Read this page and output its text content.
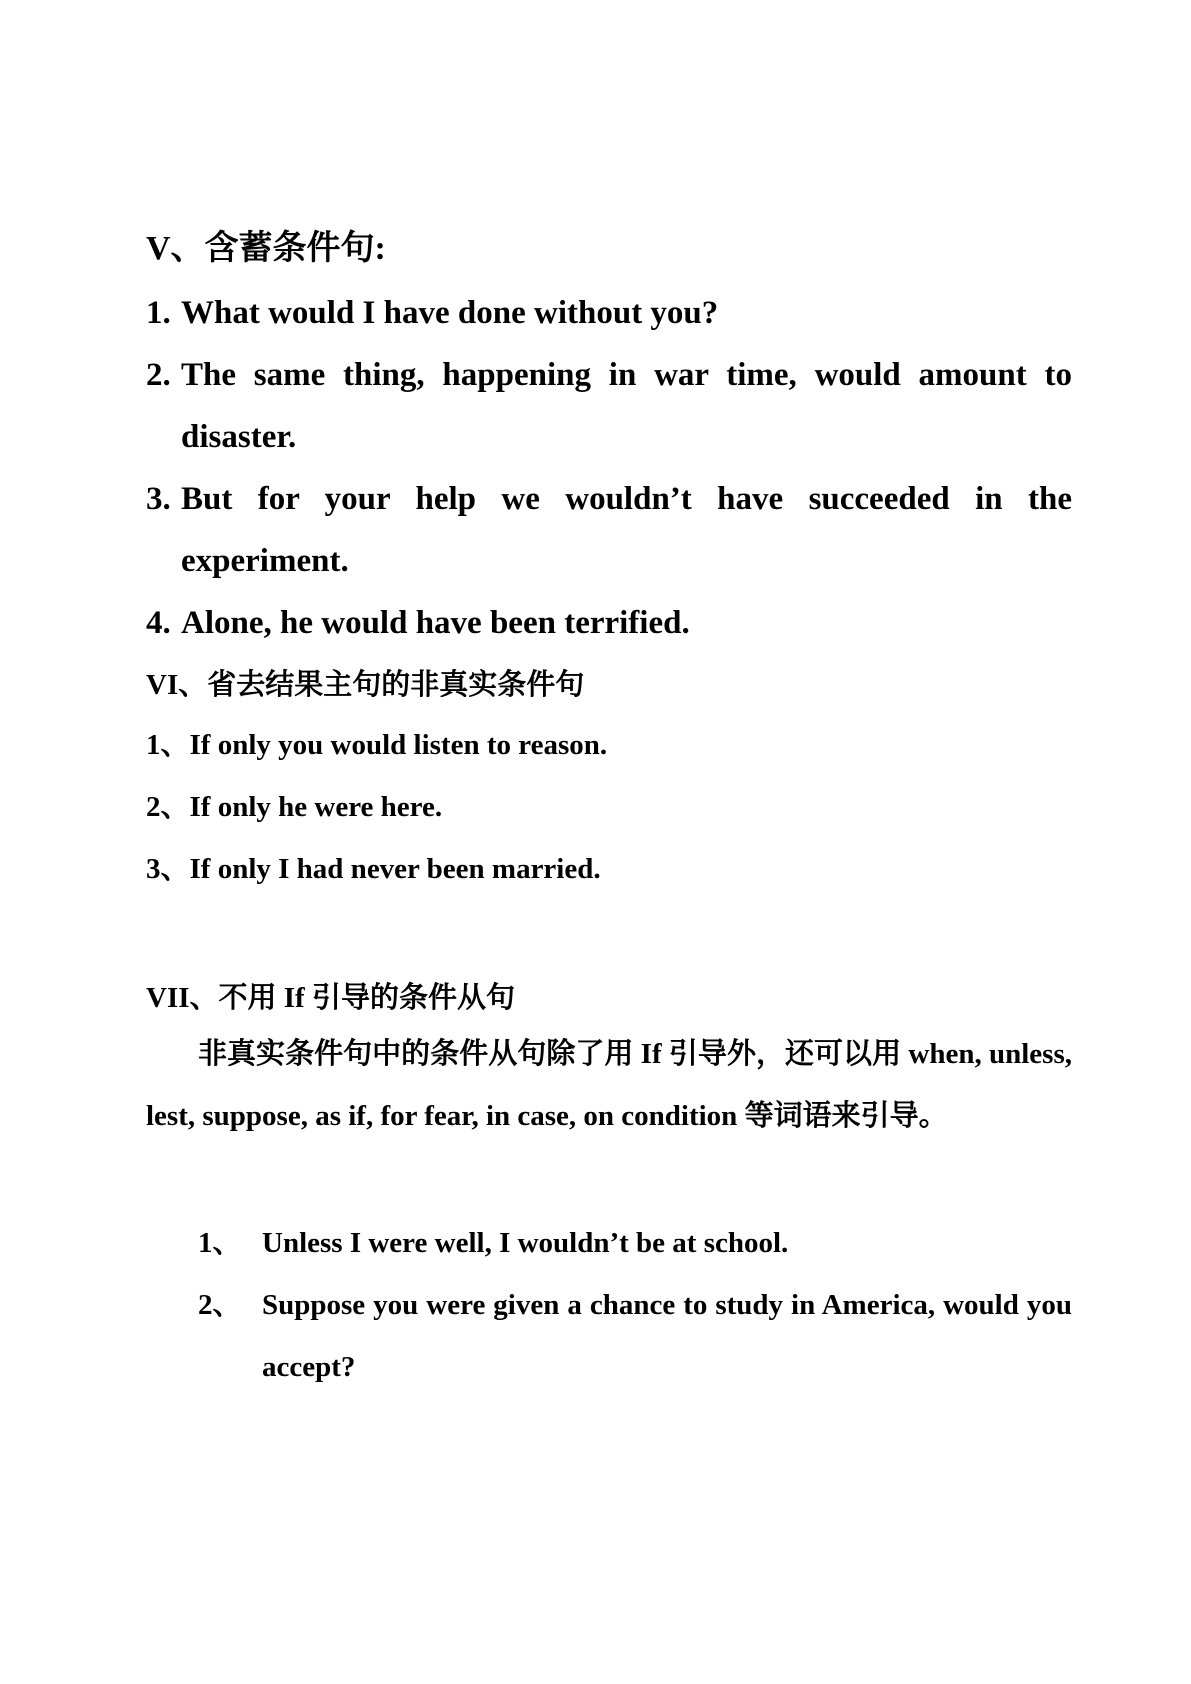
V、含蓄条件句:
1. What would I have done without you?
2. The same thing, happening in war time, would amount to disaster.
3. But for your help we wouldn’t have succeeded in the experiment.
4. Alone, he would have been terrified.
VI、省去结果主句的非真实条件句
1、If only you would listen to reason.
2、If only he were here.
3、If only I had never been married.
VII、不用 If 引导的条件从句

非真实条件句中的条件从句除了用 If 引导外，还可以用 when, unless, lest, suppose, as if, for fear, in case, on condition 等词语来引导。

1、 Unless I were well, I wouldn’t be at school.
2、 Suppose you were given a chance to study in America, would you accept?
